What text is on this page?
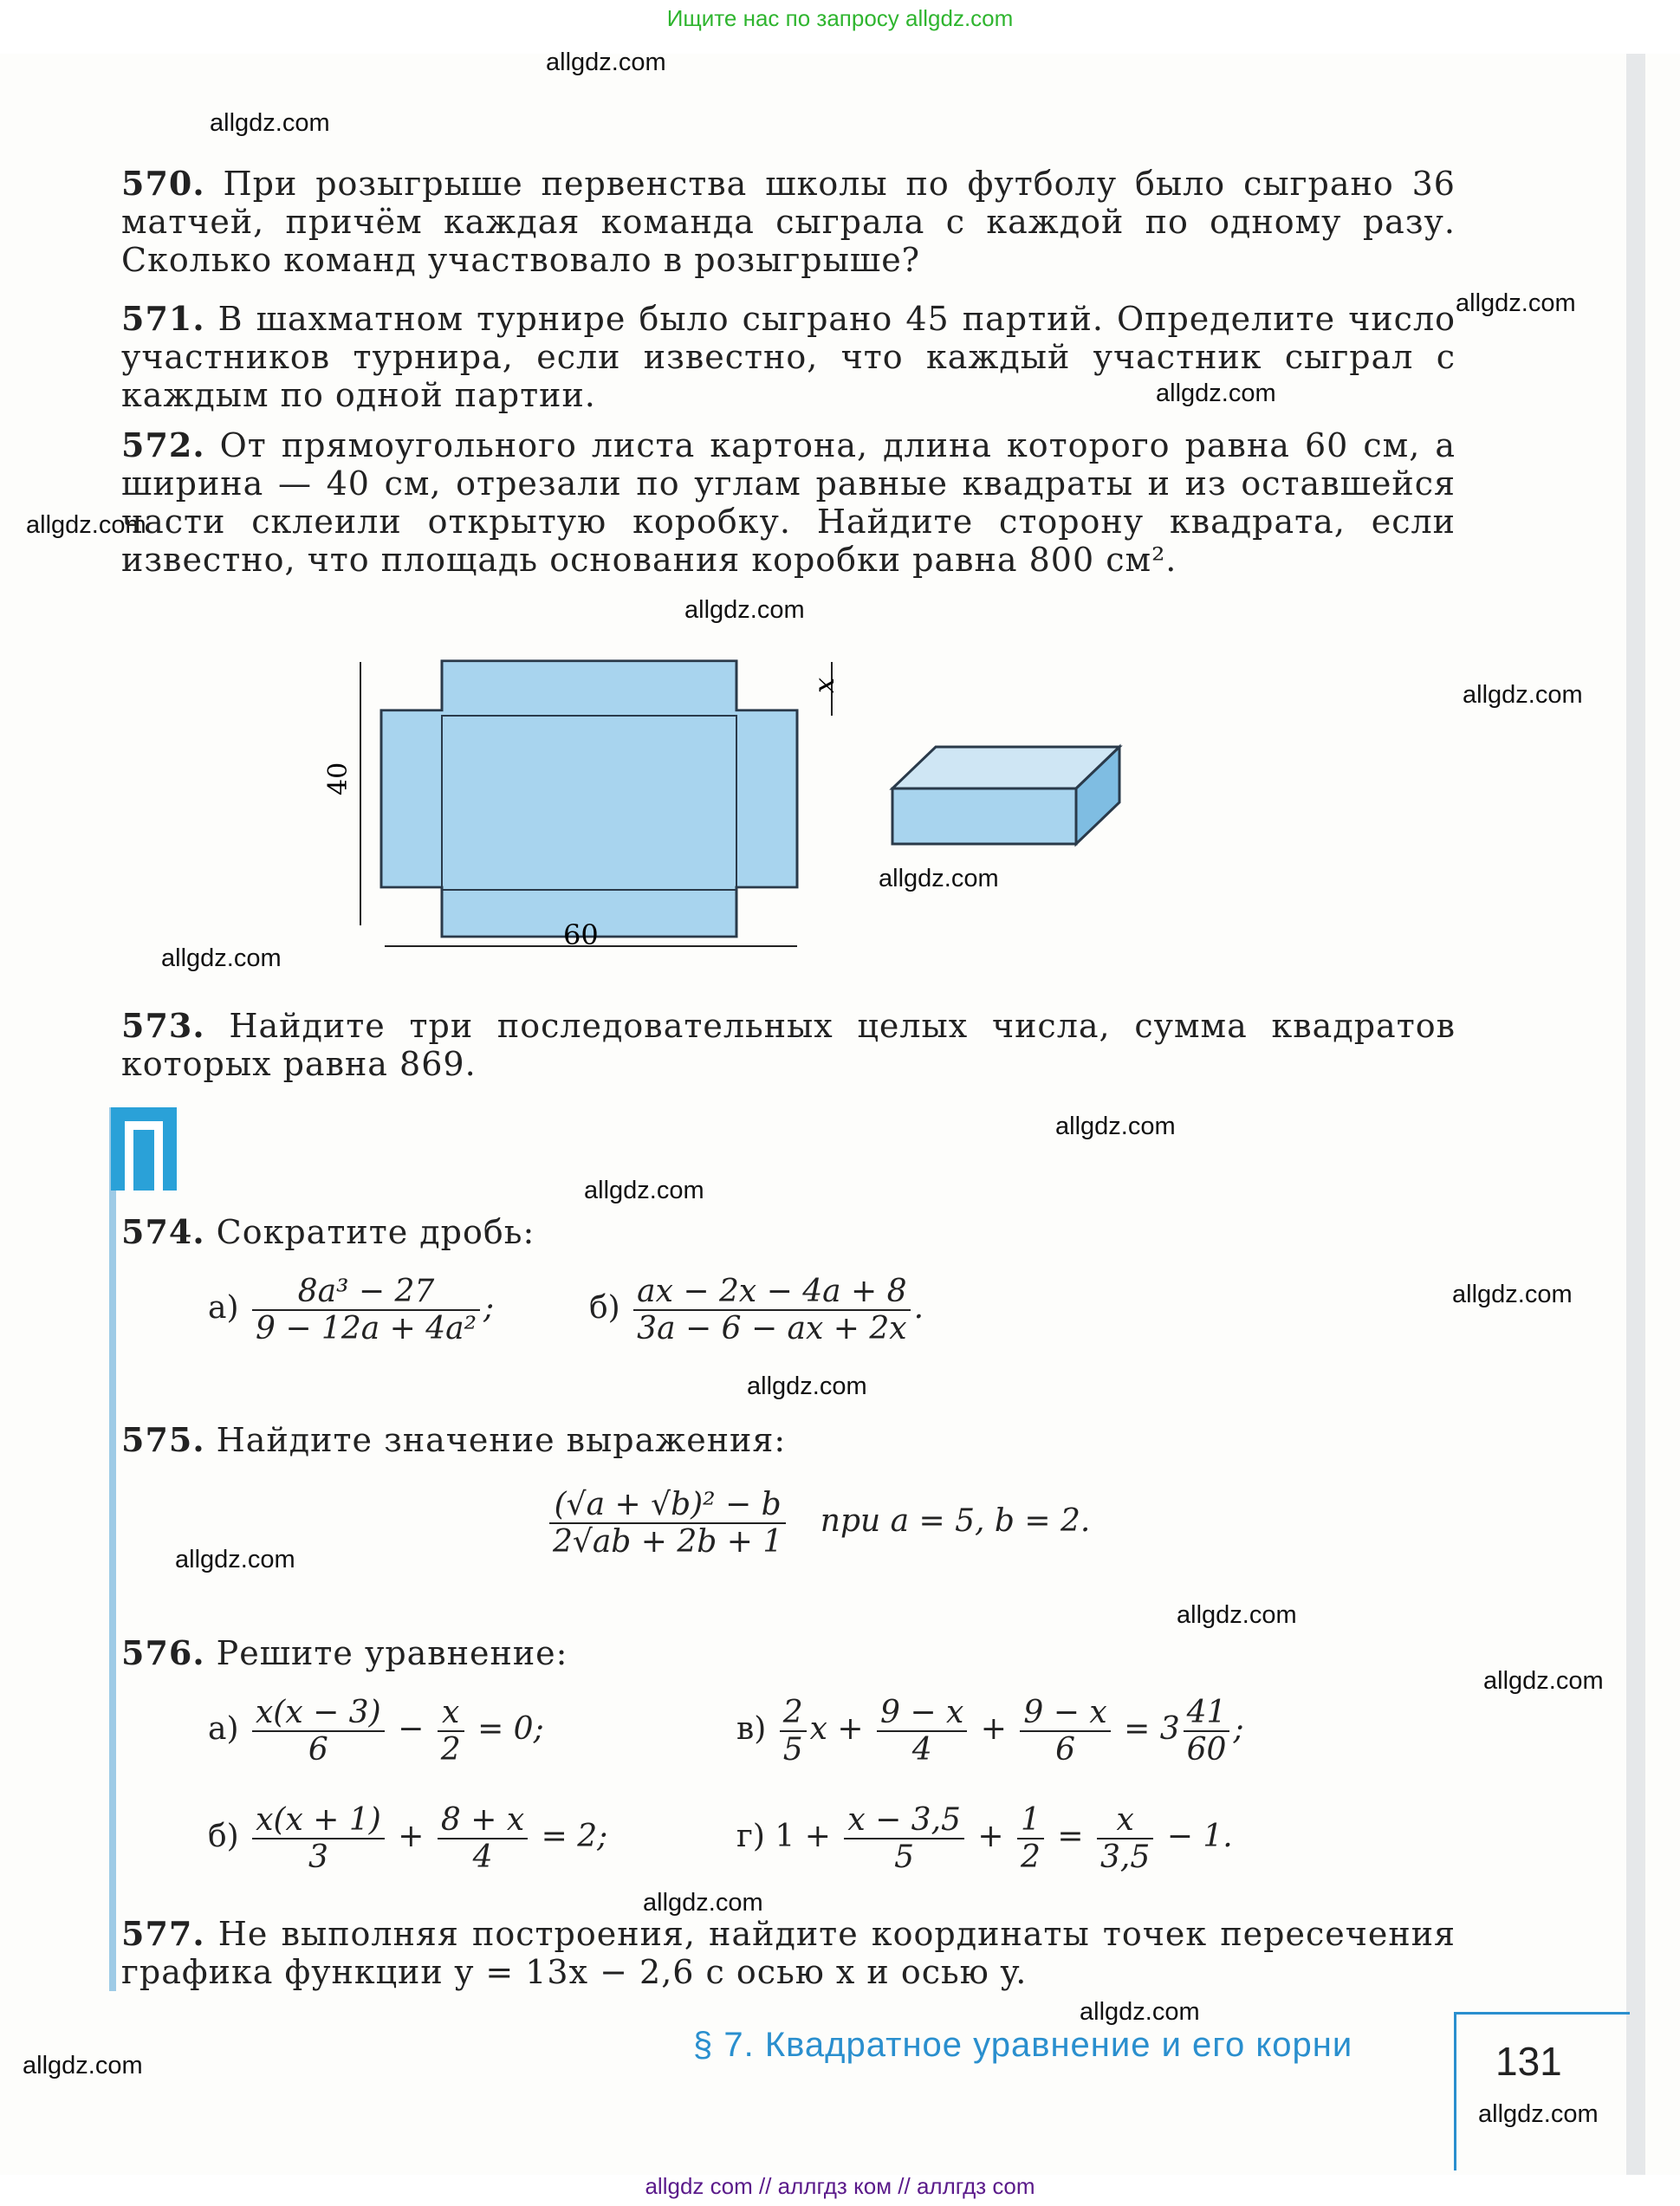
Ищите нас по запросу allgdz.com
allgdz.com
allgdz.com
allgdz.com
allgdz.com
allgdz.com
allgdz.com
allgdz.com
allgdz.com
allgdz.com
allgdz.com
allgdz.com
allgdz.com
allgdz.com
allgdz.com
allgdz.com
allgdz.com
allgdz.com
allgdz.com
allgdz.com
allgdz.com
570. При розыгрыше первенства школы по футболу было сыграно 36 матчей, причём каждая команда сыграла с каждой по одному разу. Сколько команд участвовало в розыгрыше?
571. В шахматном турнире было сыграно 45 партий. Определите число участников турнира, если известно, что каждый участник сыграл с каждым по одной партии.
572. От прямоугольного листа картона, длина которого равна 60 см, а ширина — 40 см, отрезали по углам равные квадраты и из оставшейся части склеили открытую коробку. Найдите сторону квадрата, если известно, что площадь основания коробки равна 800 см².
40
60
x
573. Найдите три последовательных целых числа, сумма квадратов которых равна 869.
574. Сократите дробь:
$а) \frac{\text{8a³ − 27}}{\text{9 − 12a + 4a²}}$ ;	$б) \frac{ax - 2x - 4a + 8}{3a - 6 - ax + 2x}$ .
575. Найдите значение выражения:
$\frac{\text{(√a + √b)² − b}}{2√ab + 2b + 1}$ при a = 5, b = 2.
576. Решите уравнение:
$а) \frac{x(x - 3)}{6} - \frac{x}{2} = 0$;	$в) \frac{2}{5}$ $x + \frac{9 - x}{4} + \frac{9 - x}{6} = 3 \frac{41}{60}$ ;
$б) \frac{x(x + 1)}{3} + \frac{8 + x}{4} = 2$;	г) $1 + \frac{x - 3,5}{5} + \frac{1}{2} = \frac{x}{3,5} - 1$.
577. Не выполняя построения, найдите координаты точек пересечения графика функции y = 13x − 2,6 с осью x и осью y.
§ 7. Квадратное уравнение и его корни	131
allgdz com // аллгдз ком // аллгдз com
